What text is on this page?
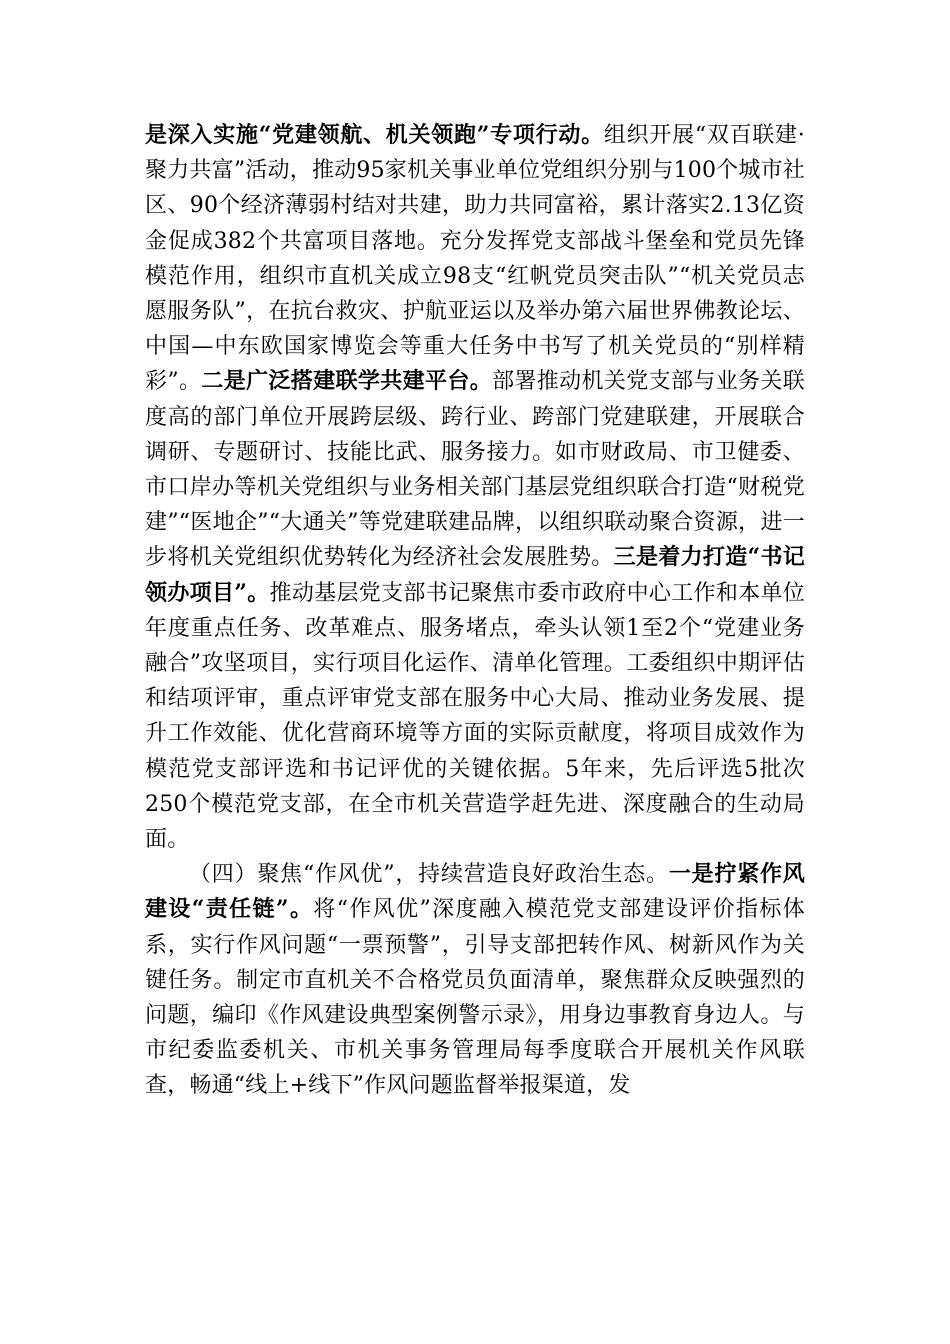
是深入实施“党建领航、机关领跑”专项行动。组织开展“双百联建·聚力共富”活动，推动95家机关事业单位党组织分别与100个城市社区、90个经济薄弱村结对共建，助力共同富裕，累计落实2.13亿资金促成382个共富项目落地。充分发挥党支部战斗堡垒和党员先锋模范作用，组织市直机关成立98支“红帆党员突击队”“机关党员志愿服务队”，在抗台救灾、护航亚运以及举办第六届世界佛教论坛、中国—中东欧国家博览会等重大任务中书写了机关党员的“别样精彩”。二是广泛搭建联学共建平台。部署推动机关党支部与业务关联度高的部门单位开展跨层级、跨行业、跨部门党建联建，开展联合调研、专题研讨、技能比武、服务接力。如市财政局、市卫健委、市口岸办等机关党组织与业务相关部门基层党组织联合打造“财税党建”“医地企”“大通关”等党建联建品牌，以组织联动聚合资源，进一步将机关党组织优势转化为经济社会发展胜势。三是着力打造“书记领办项目”。推动基层党支部书记聚焦市委市政府中心工作和本单位年度重点任务、改革难点、服务堵点，牵头认领1至2个“党建业务融合”攻坚项目，实行项目化运作、清单化管理。工委组织中期评估和结项评审，重点评审党支部在服务中心大局、推动业务发展、提升工作效能、优化营商环境等方面的实际贡献度，将项目成效作为模范党支部评选和书记评优的关键依据。5年来，先后评选5批次250个模范党支部，在全市机关营造学赶先进、深度融合的生动局面。

（四）聚焦“作风优”，持续营造良好政治生态。一是拧紧作风建设“责任链”。将“作风优”深度融入模范党支部建设评价指标体系，实行作风问题“一票预警”，引导支部把转作风、树新风作为关键任务。制定市直机关不合格党员负面清单，聚焦群众反映强烈的问题，编印《作风建设典型案例警示录》，用身边事教育身边人。与市纪委监委机关、市机关事务管理局每季度联合开展机关作风联查，畅通“线上+线下”作风问题监督举报渠道，发
